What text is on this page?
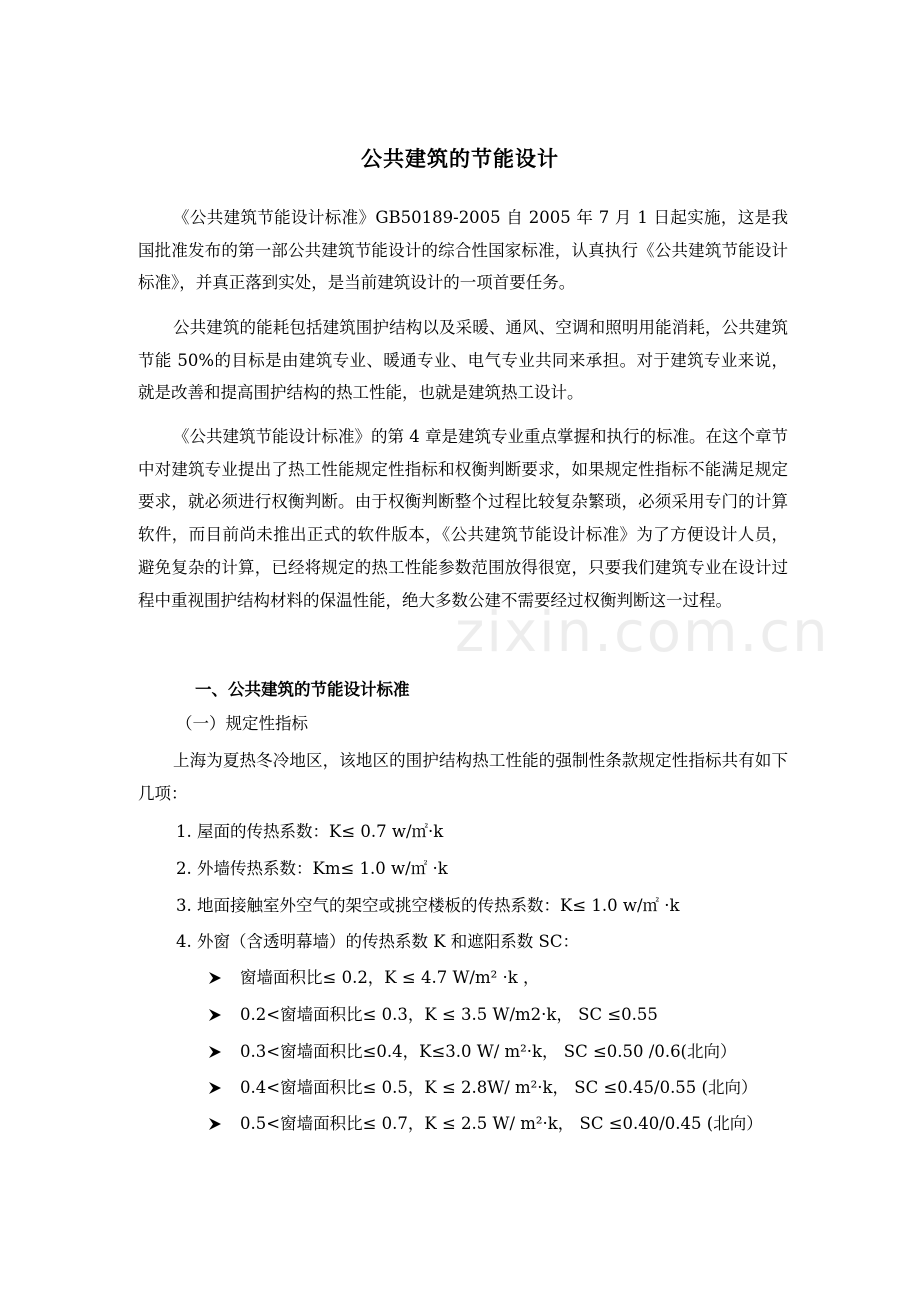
公共建筑的节能设计
《公共建筑节能设计标准》GB50189-2005 自 2005 年 7 月 1 日起实施，这是我国批准发布的第一部公共建筑节能设计的综合性国家标准，认真执行《公共建筑节能设计标准》，并真正落到实处，是当前建筑设计的一项首要任务。
公共建筑的能耗包括建筑围护结构以及采暖、通风、空调和照明用能消耗，公共建筑节能 50%的目标是由建筑专业、暖通专业、电气专业共同来承担。对于建筑专业来说，就是改善和提高围护结构的热工性能，也就是建筑热工设计。
《公共建筑节能设计标准》的第 4 章是建筑专业重点掌握和执行的标准。在这个章节中对建筑专业提出了热工性能规定性指标和权衡判断要求，如果规定性指标不能满足规定要求，就必须进行权衡判断。由于权衡判断整个过程比较复杂繁琐，必须采用专门的计算软件，而目前尚未推出正式的软件版本，《公共建筑节能设计标准》为了方便设计人员，避免复杂的计算，已经将规定的热工性能参数范围放得很宽，只要我们建筑专业在设计过程中重视围护结构材料的保温性能，绝大多数公建不需要经过权衡判断这一过程。
一、公共建筑的节能设计标准
（一）规定性指标
上海为夏热冬冷地区，该地区的围护结构热工性能的强制性条款规定性指标共有如下几项：
1. 屋面的传热系数：K≤ 0.7 w/㎡·k
2. 外墙传热系数：Km≤ 1.0 w/㎡ ·k
3. 地面接触室外空气的架空或挑空楼板的传热系数：K≤ 1.0 w/㎡ ·k
4. 外窗（含透明幕墙）的传热系数 K 和遮阳系数 SC：
窗墙面积比≤ 0.2，K ≤ 4.7 W/m² ·k ，
0.2<窗墙面积比≤ 0.3，K ≤ 3.5 W/m2·k， SC ≤0.55
0.3<窗墙面积比≤0.4，K≤3.0 W/ m²·k， SC ≤0.50 /0.6(北向）
0.4<窗墙面积比≤ 0.5，K ≤ 2.8W/ m²·k， SC ≤0.45/0.55 (北向）
0.5<窗墙面积比≤ 0.7，K ≤ 2.5 W/ m²·k， SC ≤0.40/0.45 (北向）
zixin.com.cn
